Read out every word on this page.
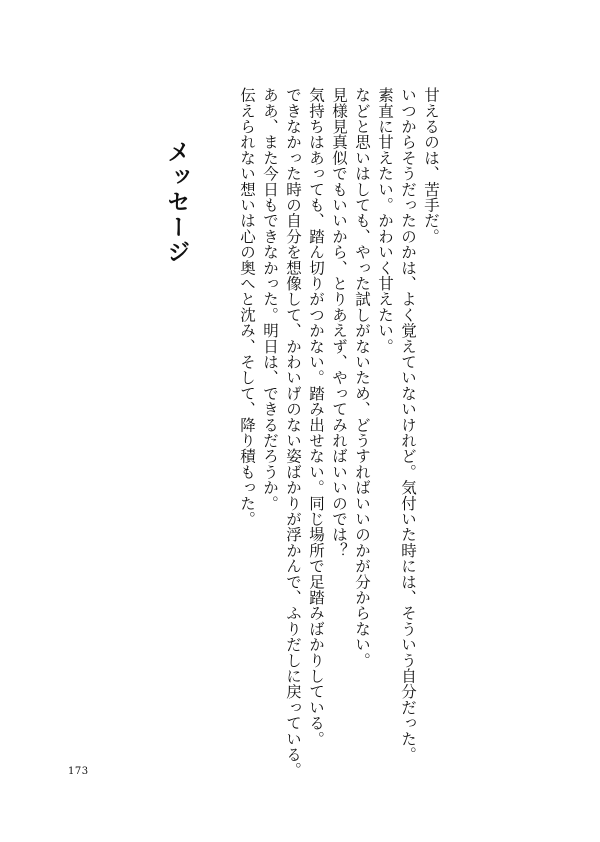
メッセージ	甘えるのは、苦手だ。
いつからそうだったのかは、よく覚えていないけれど。気付いた時には、そういう自分だった。
素直に甘えたい。かわいく甘えたい。
などと思いはしても、やった試しがないため、どうすればいいのかが分からない。
見様見真似でもいいから、とりあえず、やってみればいいのでは？
気持ちはあっても、踏ん切りがつかない。踏み出せない。同じ場所で足踏みばかりしている。
できなかった時の自分を想像して、かわいげのない姿ばかりが浮かんで、ふりだしに戻っている。
ああ、また今日もできなかった。明日は、できるだろうか。
伝えられない想いは心の奥へと沈み、そして、降り積もった。
173
